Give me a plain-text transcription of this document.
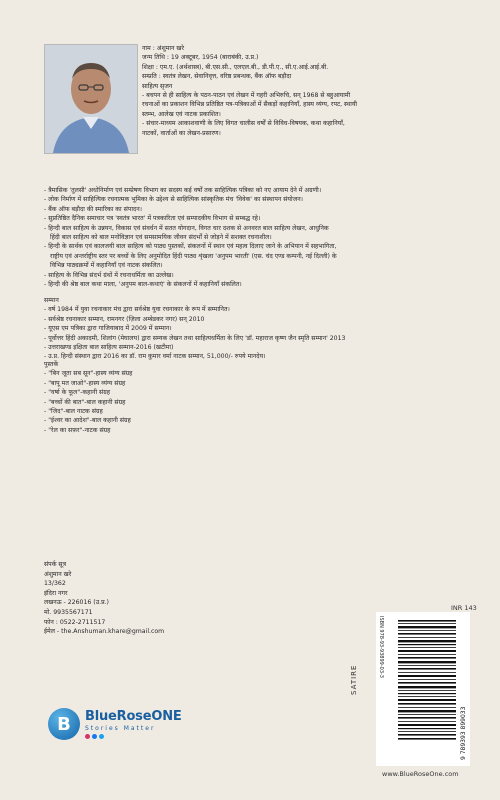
नाम : अंशुमान खरे
जन्म तिथि : 19 अक्टूबर, 1954 (बाराबंकी, उ.प्र.)
शिक्षा : एम.ए. (अर्थशास्त्र), बी.एस.सी., एलएल.बी., डी.पी.ए., सी.ए.आई.आई.बी.
सम्प्रति : स्वतंत्र लेखन, सेवानिवृत्त, वरिष्ठ प्रबन्धक, बैंक ऑफ बड़ौदा
साहित्य सृजन
- बचपन से ही साहित्य के पठन-पाठन एवं लेखन में गहरी अभिरुचि, सन् 1968 से बहुआयामी
रचनाओं का प्रकाशन विभिन्न प्रतिष्ठित पत्र-पत्रिकाओं में सैकड़ों कहानियाँ, हास्य व्यंग्य, रपट, स्थायी
स्तम्भ, आलेख एवं नाटक प्रकाशित।
- संचार-माध्यम आकाशवाणी के लिए विगत चालीस वर्षों से विविध-विषयक, कथा कहानियाँ,
नाटकों, वार्ताओं का लेखन-प्रसारण।

- त्रैमासिक 'तुलसी' अधोनिर्माण एवं सम्प्रेषण विभाग का सदस्य कई वर्षों तक साहित्यिक पत्रिका को नए आयाम देने में अग्रणी।

- लोक निर्माण में साहित्यिक रचनात्मक भूमिका के उद्देश्य से साहित्यिक सांस्कृतिक मंच 'विवेक' का संस्थापन संयोजन।

- बैंक ऑफ बड़ौदा की स्मारिका का संपादन।

- सुप्रतिष्ठित दैनिक समाचार पत्र 'स्वतंत्र भारत' में पत्रकारिता एवं सम्पादकीय विभाग से सम्बद्ध रहे।

- हिन्दी बाल साहित्य के उन्नयन, विकास एवं संवर्धन में सतत योगदान, विगत चार दशक से अनवरत बाल साहित्य लेखन, आधुनिक

हिंदी बाल साहित्य को बाल मनोविज्ञान एवं समसामयिक जीवन संदर्भों से जोड़ने में सशक्त रचनाशील।

- हिन्दी के सार्थक एवं कालजयी बाल साहित्य को पाठ्य पुस्तकों, संकलनों में स्थान एवं महत्व दिलाए जाने के अभियान में सहभागिता,

राष्ट्रीय एवं अन्तर्राष्ट्रीय स्तर पर बच्चों के लिए अनुमोदित हिंदी पाठ्य शृंखला 'अनुपम भारती' (एस. चंद एण्ड कम्पनी, नई दिल्ली) के

विभिन्न पाठ्यक्रमों में कहानियाँ एवं नाटक संकलित।

- साहित्य के विभिन्न संदर्भ ग्रंथों में रचनाधर्मिता का उल्लेख।

- हिन्दी की श्रेष्ठ बाल कथा माला, 'अनुपम बाल-कथाएं' के संकलनों में कहानियाँ संकलित।

सम्मान

- वर्ष 1984 में युवा रचनाकार मंच द्वारा सर्वश्रेष्ठ युवा रचनाकार के रूप में सम्मानित।

- सर्वश्रेष्ठ रचनाकार सम्मान, रामनगर (ज़िला अम्बेडकर नगर) सन् 2010

- यूएस एम पत्रिका द्वारा गाजियाबाद में 2009 में सम्मान।

- पूर्वोत्तर हिंदी अकादमी, शिलांग (मेघालय) द्वारा सम्यक लेखन तथा साहित्यधर्मिता के लिए 'डॉ. महाराज कृष्ण जैन स्मृति सम्मान' 2013

- उत्तराखण्ड इक्षिता बाल साहित्य सम्मान-2016 (खटीमा)

- उ.प्र. हिन्दी संस्थान द्वारा 2016 का डॉ. राम कुमार वर्मा नाटक सम्मान, 51,000/- रुपये मानदेय।

पुस्तकें

- "बिन जूता सब सून"-हास्य व्यंग्य संग्रह

- "बापू मत जाओ"-हास्य व्यंग्य संग्रह

- "वर्षा के फूल"-कहानी संग्रह

- "बच्चों की बात"-बाल कहानी संग्रह

- "जिद"-बाल नाटक संग्रह

- "ईश्वर का आदेश"-बाल कहानी संग्रह

- "रेल का सफ़र"-नाटक संग्रह

संपर्क सूत्र
अंशुमान खरे
13/362
इंदिरा नगर
लखनऊ - 226016 (उ.प्र.)
मो. 9935567171
फोन : 0522-2711517
ईमेल - the.Anshuman.khare@gmail.com
INR 143
SATIRE
ISBN 978-93-93899-03-3
9 789393 899033
www.BlueRoseOne.com
B	BlueRoseONE
Stories Matter
